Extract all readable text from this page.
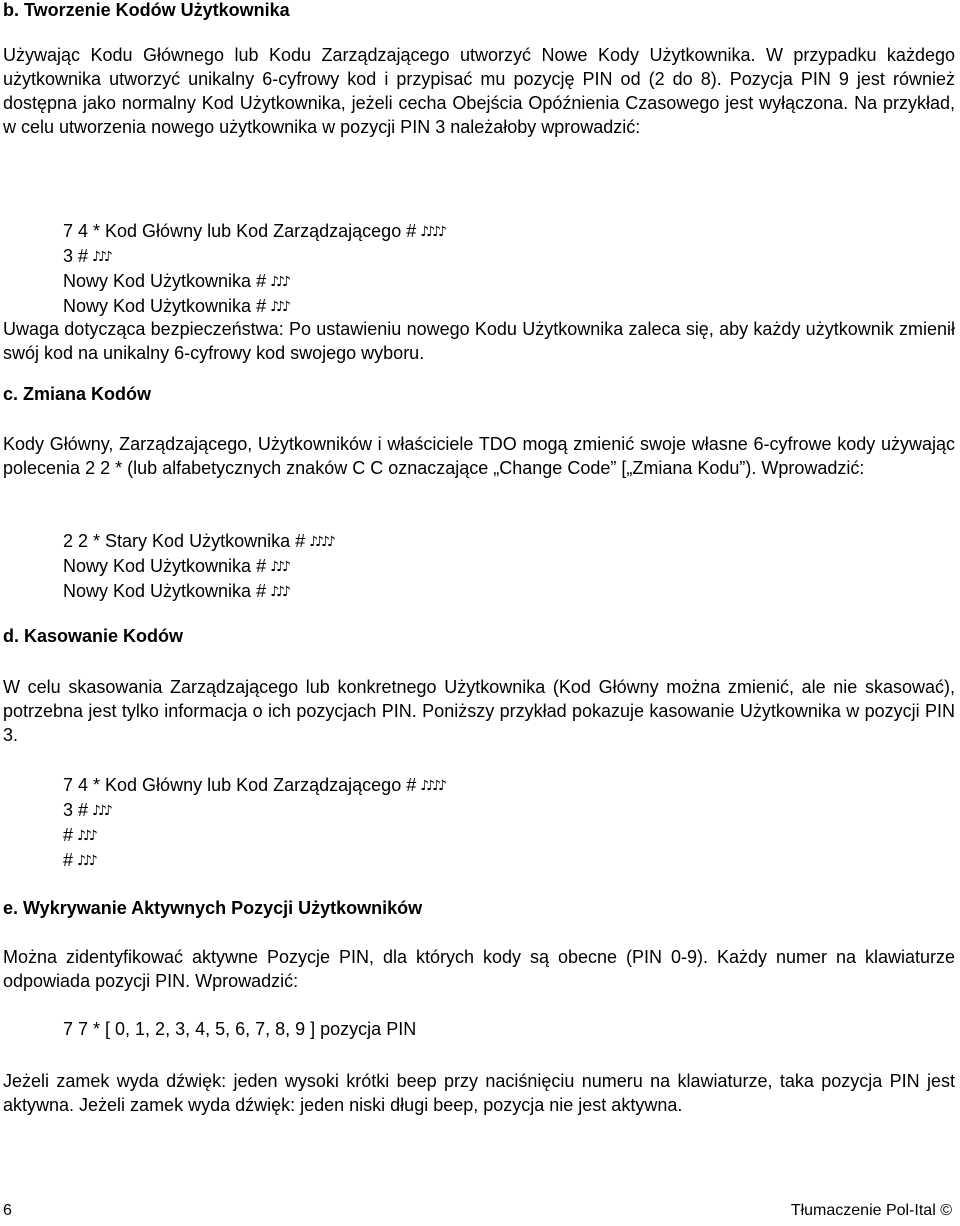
b. Tworzenie Kodów Użytkownika

Używając Kodu Głównego lub Kodu Zarządzającego utworzyć Nowe Kody Użytkownika. W przypadku każdego użytkownika utworzyć unikalny 6-cyfrowy kod i przypisać mu pozycję PIN od (2 do 8). Pozycja PIN 9 jest również dostępna jako normalny Kod Użytkownika, jeżeli cecha Obejścia Opóźnienia Czasowego jest wyłączona. Na przykład, w celu utworzenia nowego użytkownika w pozycji PIN 3 należałoby wprowadzić:

7 4 * Kod Główny lub Kod Zarządzającego # ♪♪♪♪
3 # ♪♪♪
Nowy Kod Użytkownika # ♪♪♪
Nowy Kod Użytkownika # ♪♪♪

Uwaga dotycząca bezpieczeństwa: Po ustawieniu nowego Kodu Użytkownika zaleca się, aby każdy użytkownik zmienił swój kod na unikalny 6-cyfrowy kod swojego wyboru.

c. Zmiana Kodów

Kody Główny, Zarządzającego, Użytkowników i właściciele TDO mogą zmienić swoje własne 6-cyfrowe kody używając polecenia 2 2 * (lub alfabetycznych znaków C C oznaczające „Change Code” [„Zmiana Kodu”). Wprowadzić:

2 2 * Stary Kod Użytkownika # ♪♪♪♪
Nowy Kod Użytkownika # ♪♪♪
Nowy Kod Użytkownika # ♪♪♪
d. Kasowanie Kodów

W celu skasowania Zarządzającego lub konkretnego Użytkownika (Kod Główny można zmienić, ale nie skasować), potrzebna jest tylko informacja o ich pozycjach PIN. Poniższy przykład pokazuje kasowanie Użytkownika w pozycji PIN 3.

7 4 * Kod Główny lub Kod Zarządzającego # ♪♪♪♪
3 # ♪♪♪
# ♪♪♪
# ♪♪♪
e. Wykrywanie Aktywnych Pozycji Użytkowników

Można zidentyfikować aktywne Pozycje PIN, dla których kody są obecne (PIN 0-9). Każdy numer na klawiaturze odpowiada pozycji PIN. Wprowadzić:

7 7 * [ 0, 1, 2, 3, 4, 5, 6, 7, 8, 9 ] pozycja PIN

Jeżeli zamek wyda dźwięk: jeden wysoki krótki beep przy naciśnięciu numeru na klawiaturze, taka pozycja PIN jest aktywna. Jeżeli zamek wyda dźwięk: jeden niski długi beep, pozycja nie jest aktywna.

6	Tłumaczenie Pol-Ital ©
